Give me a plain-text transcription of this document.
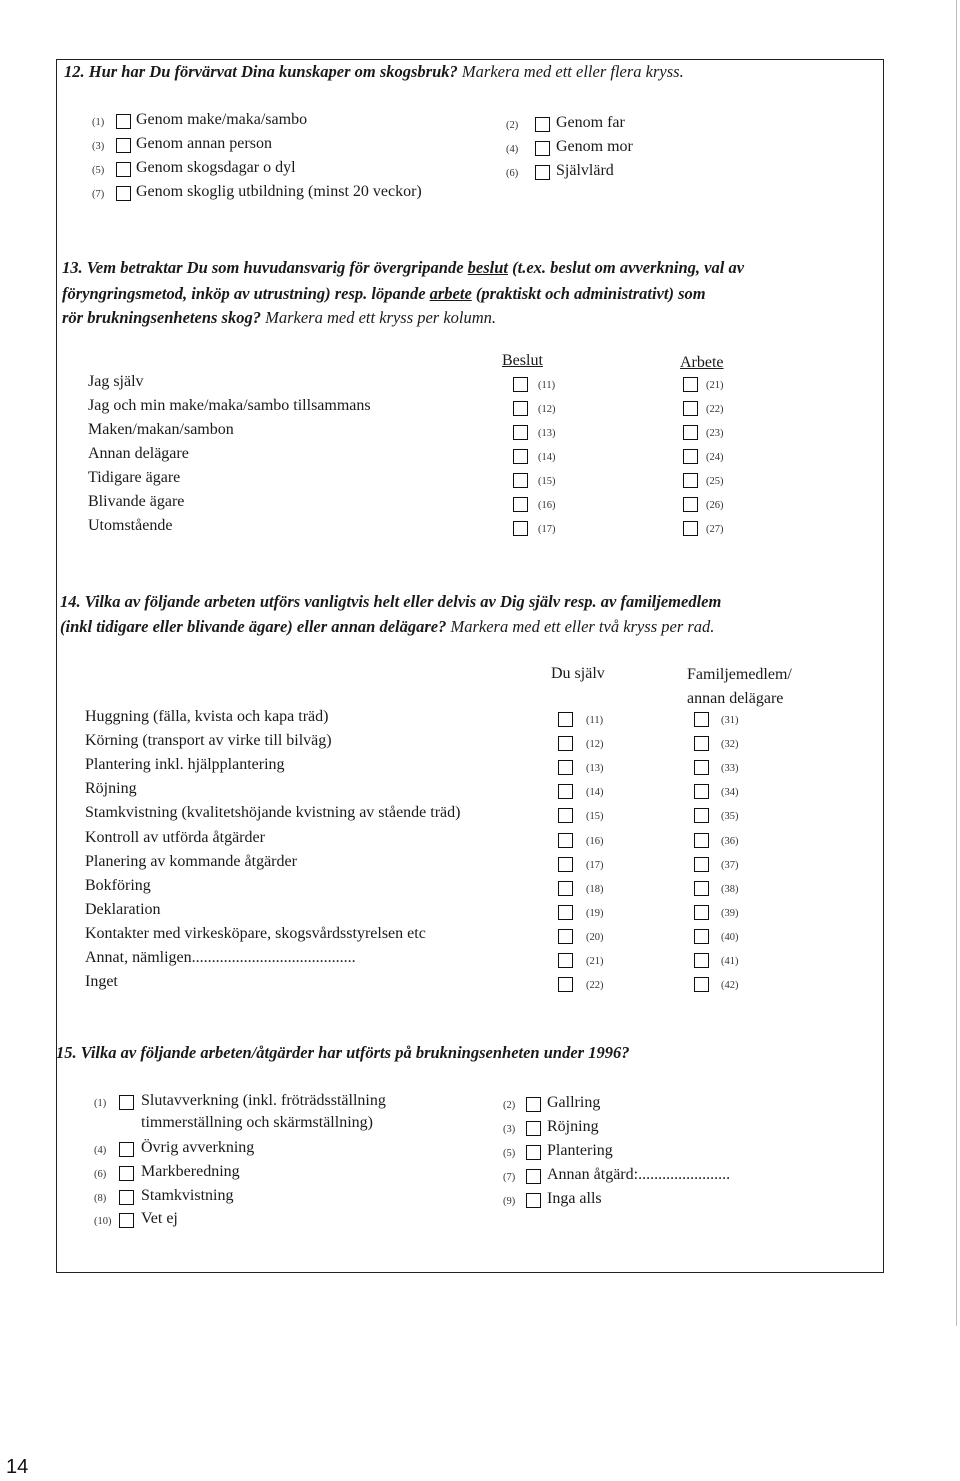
12. Hur har Du förvärvat Dina kunskaper om skogsbruk? Markera med ett eller flera kryss.
(1) Genom make/maka/sambo
(3) Genom annan person
(5) Genom skogsdagar o dyl
(7) Genom skoglig utbildning (minst 20 veckor)
(2) Genom far
(4) Genom mor
(6) Självlärd
13. Vem betraktar Du som huvudansvarig för övergripande beslut (t.ex. beslut om avverkning, val av
föryngringsmetod, inköp av utrustning) resp. löpande arbete (praktiskt och administrativt) som
rör brukningsenhetens skog? Markera med ett kryss per kolumn.
Beslut	Arbete
Jag själv	(11)	(21)
Jag och min make/maka/sambo tillsammans	(12)	(22)
Maken/makan/sambon	(13)	(23)
Annan delägare	(14)	(24)
Tidigare ägare	(15)	(25)
Blivande ägare	(16)	(26)
Utomstående	(17)	(27)
14. Vilka av följande arbeten utförs vanligtvis helt eller delvis av Dig själv resp. av familjemedlem
(inkl tidigare eller blivande ägare) eller annan delägare? Markera med ett eller två kryss per rad.
Du själv	Familjemedlem/
annan delägare
Huggning (fälla, kvista och kapa träd)	(11)	(31)
Körning (transport av virke till bilväg)	(12)	(32)
Plantering inkl. hjälpplantering	(13)	(33)
Röjning	(14)	(34)
Stamkvistning (kvalitetshöjande kvistning av stående träd)	(15)	(35)
Kontroll av utförda åtgärder	(16)	(36)
Planering av kommande åtgärder	(17)	(37)
Bokföring	(18)	(38)
Deklaration	(19)	(39)
Kontakter med virkesköpare, skogsvårdsstyrelsen etc	(20)	(40)
Annat, nämligen.........................................	(21)	(41)
Inget	(22)	(42)
15. Vilka av följande arbeten/åtgärder har utförts på brukningsenheten under 1996?
(1) Slutavverkning (inkl. fröträdsställning
timmerställning och skärmställning)
(4) Övrig avverkning
(6) Markberedning
(8) Stamkvistning
(10) Vet ej
(2) Gallring
(3) Röjning
(5) Plantering
(7) Annan åtgärd:.......................
(9) Inga alls
14
